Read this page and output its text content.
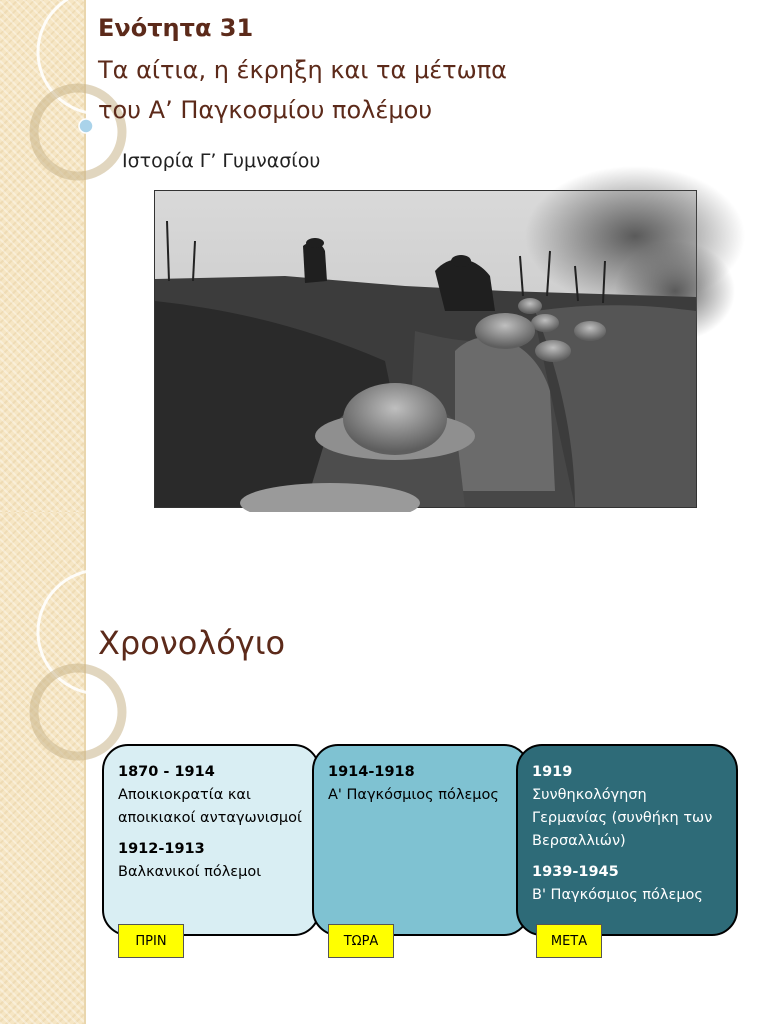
Ενότητα 31
Τα αίτια, η έκρηξη και τα μέτωπα
του Α’ Παγκοσμίου πολέμου
Ιστορία Γ’ Γυμνασίου
Χρονολόγιο
1870 - 1914
Αποικιοκρατία και αποικιακοί ανταγωνισμοί
1912-1913
Βαλκανικοί πόλεμοι
1914-1918
Α' Παγκόσμιος πόλεμος
1919
Συνθηκολόγηση Γερμανίας (συνθήκη των Βερσαλλιών)
1939-1945
Β' Παγκόσμιος πόλεμος
ΠΡΙΝ	ΤΩΡΑ	ΜΕΤΑ
